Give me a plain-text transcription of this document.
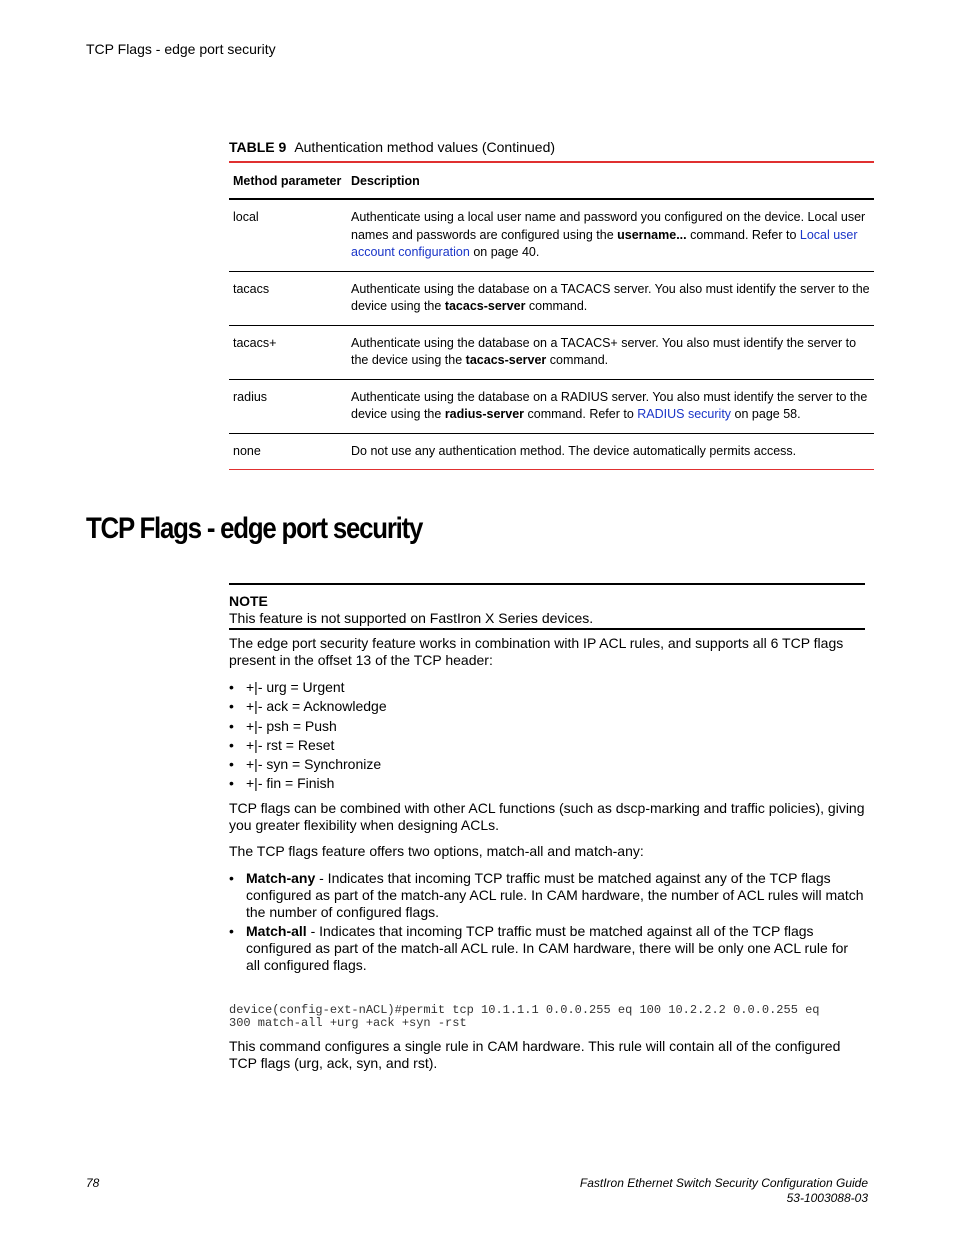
TCP Flags - edge port security
TABLE 9 Authentication method values (Continued)
Method parameter	Description
local	Authenticate using a local user name and password you configured on the device. Local user names and passwords are configured using the username... command. Refer to Local user account configuration on page 40.
tacacs	Authenticate using the database on a TACACS server. You also must identify the server to the device using the tacacs-server command.
tacacs+	Authenticate using the database on a TACACS+ server. You also must identify the server to the device using the tacacs-server command.
radius	Authenticate using the database on a RADIUS server. You also must identify the server to the device using the radius-server command. Refer to RADIUS security on page 58.
none	Do not use any authentication method. The device automatically permits access.
TCP Flags - edge port security
NOTE
This feature is not supported on FastIron X Series devices.
The edge port security feature works in combination with IP ACL rules, and supports all 6 TCP flags present in the offset 13 of the TCP header:
• +|- urg = Urgent
• +|- ack = Acknowledge
• +|- psh = Push
• +|- rst = Reset
• +|- syn = Synchronize
• +|- fin = Finish
TCP flags can be combined with other ACL functions (such as dscp-marking and traffic policies), giving you greater flexibility when designing ACLs.
The TCP flags feature offers two options, match-all and match-any:
• Match-any - Indicates that incoming TCP traffic must be matched against any of the TCP flags configured as part of the match-any ACL rule. In CAM hardware, the number of ACL rules will match the number of configured flags.
• Match-all - Indicates that incoming TCP traffic must be matched against all of the TCP flags configured as part of the match-all ACL rule. In CAM hardware, there will be only one ACL rule for all configured flags.
device(config-ext-nACL)#permit tcp 10.1.1.1 0.0.0.255 eq 100 10.2.2.2 0.0.0.255 eq
300 match-all +urg +ack +syn -rst
This command configures a single rule in CAM hardware. This rule will contain all of the configured TCP flags (urg, ack, syn, and rst).
78	FastIron Ethernet Switch Security Configuration Guide
53-1003088-03
